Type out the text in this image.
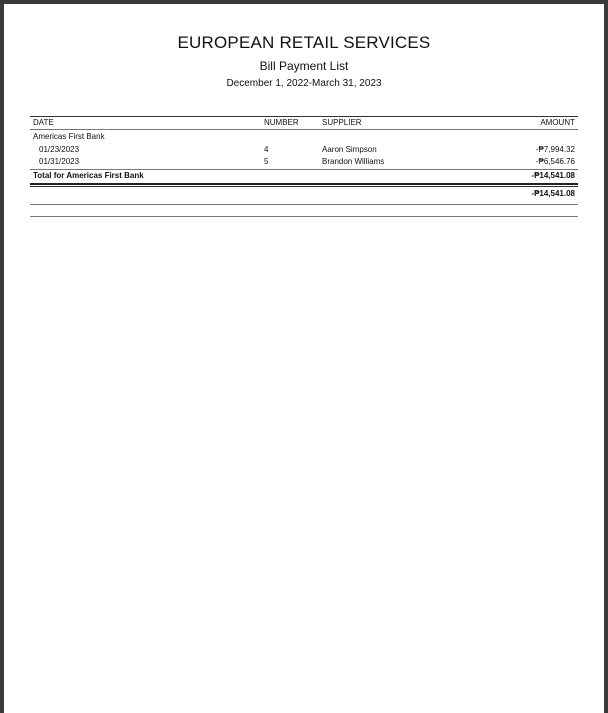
EUROPEAN RETAIL SERVICES
Bill Payment List
December 1, 2022-March 31, 2023
DATE	NUMBER	SUPPLIER	AMOUNT
Americas First Bank
01/23/2023	4	Aaron Simpson	-₱7,994.32
01/31/2023	5	Brandon Williams	-₱6,546.76
Total for Americas First Bank	-₱14,541.08
-₱14,541.08
